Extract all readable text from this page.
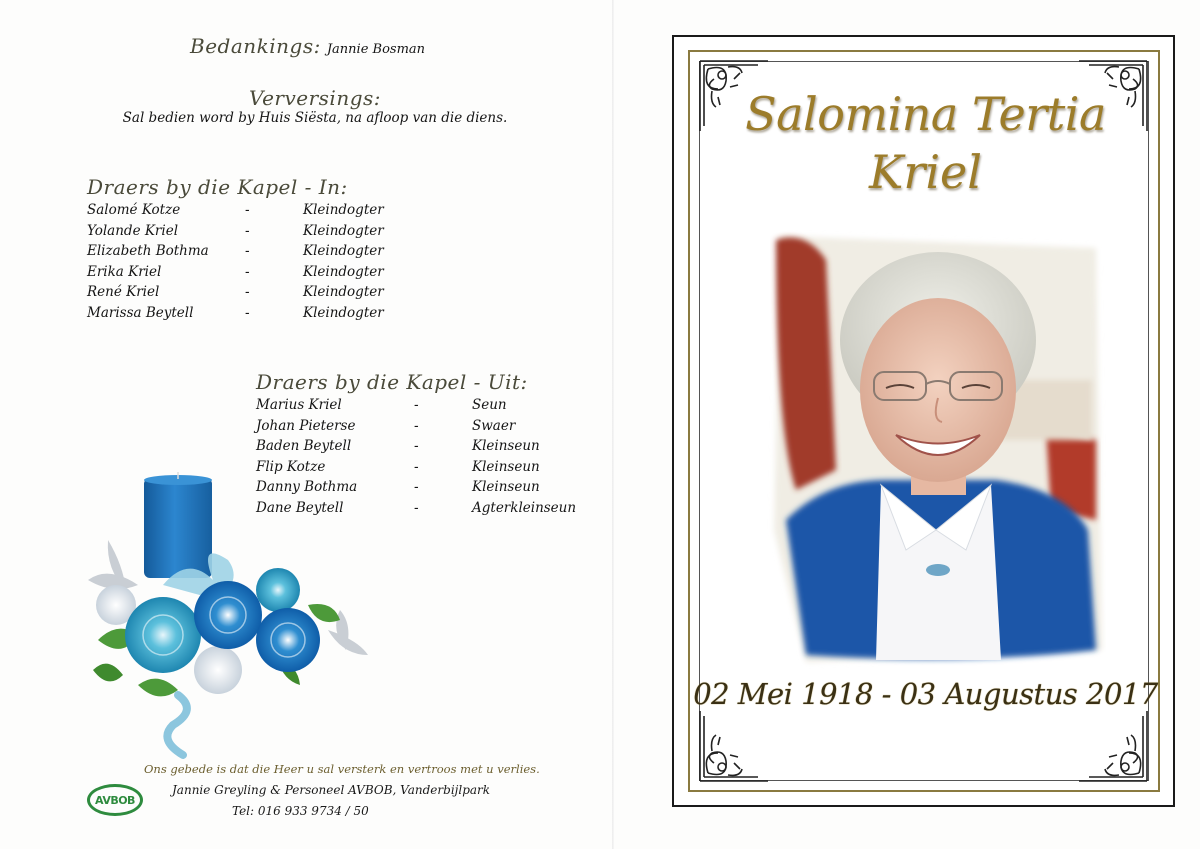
Bedankings: Jannie Bosman
Verversings:
Sal bedien word by Huis Siësta, na afloop van die diens.
Draers by die Kapel - In:
Salomé Kotze	-	Kleindogter
Yolande Kriel	-	Kleindogter
Elizabeth Bothma	-	Kleindogter
Erika Kriel	-	Kleindogter
René Kriel	-	Kleindogter
Marissa Beytell	-	Kleindogter
Draers by die Kapel - Uit:
Marius Kriel	-	Seun
Johan Pieterse	-	Swaer
Baden Beytell	-	Kleinseun
Flip Kotze	-	Kleinseun
Danny Bothma	-	Kleinseun
Dane Beytell	-	Agterkleinseun
Ons gebede is dat die Heer u sal versterk en vertroos met u verlies.
AVBOB
Jannie Greyling & Personeel AVBOB, Vanderbijlpark
Tel: 016 933 9734 / 50
Salomina Tertia
Kriel
02 Mei 1918 - 03 Augustus 2017
